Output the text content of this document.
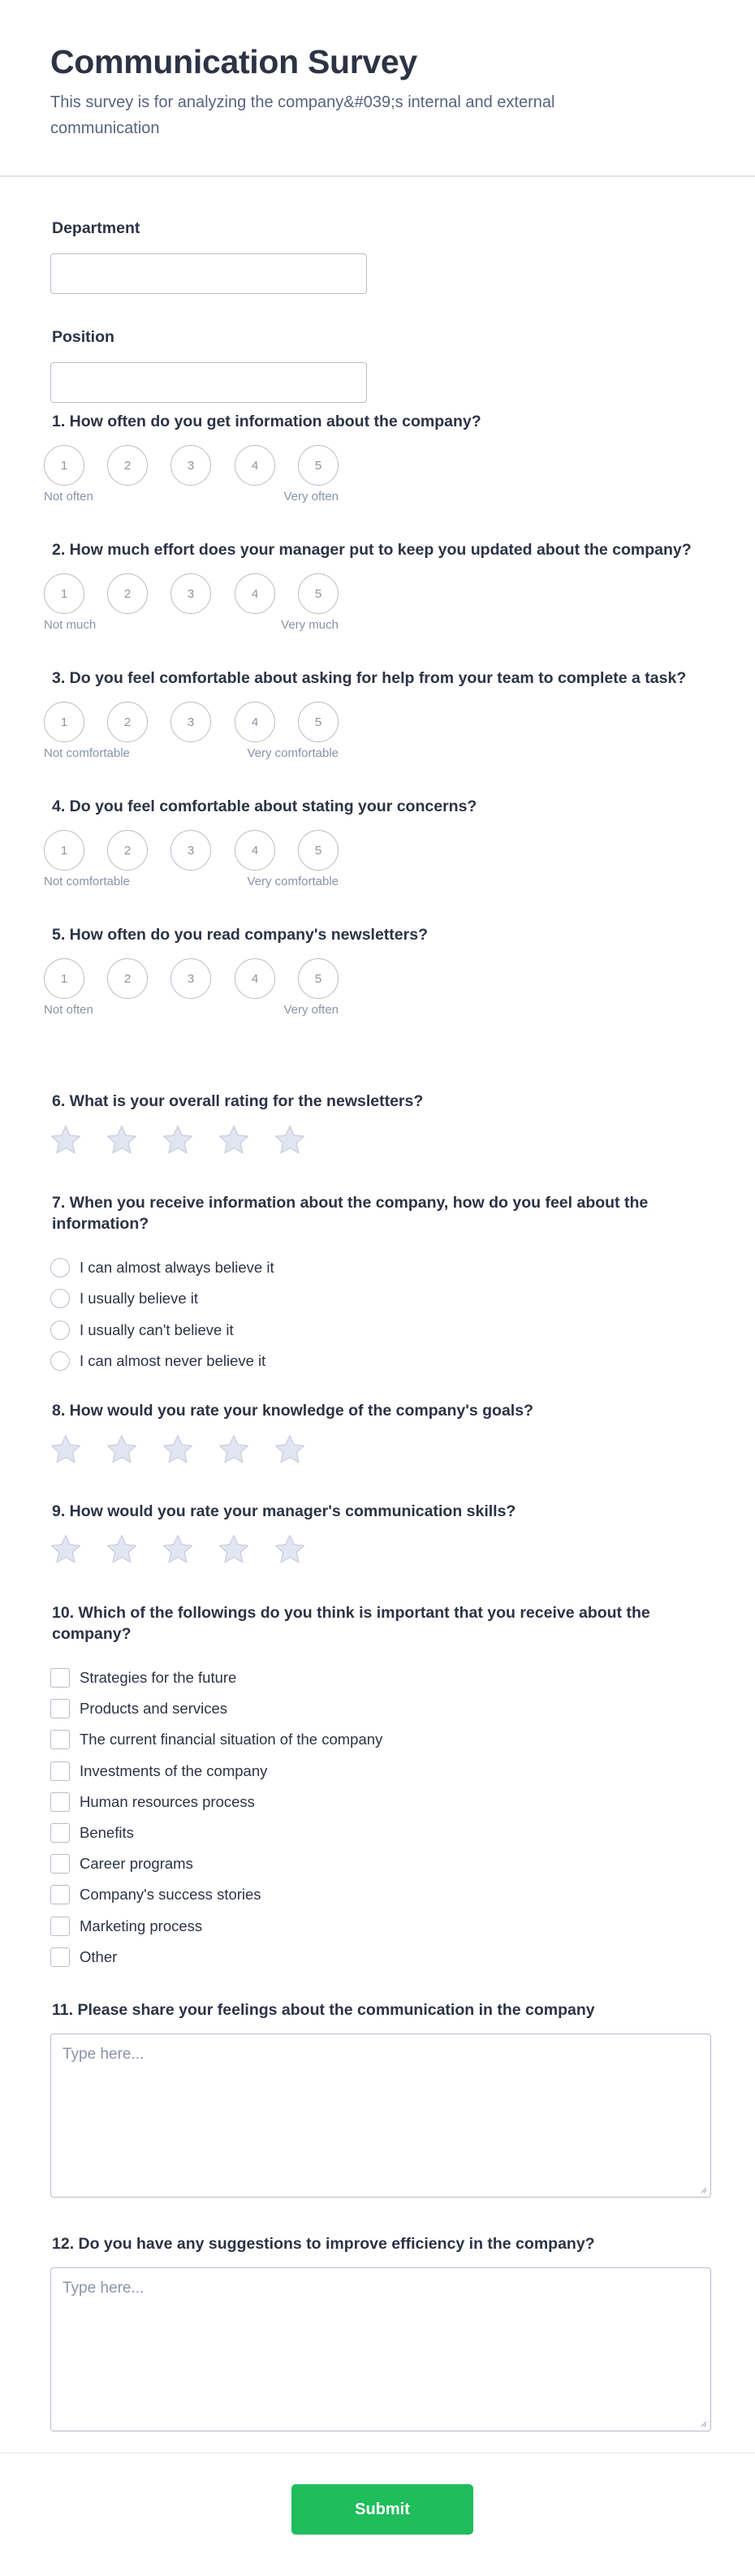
Communication Survey

This survey is for analyzing the company&#039;s internal and external communication

Department
Position
1. How often do you get information about the company?
1	2	3	4	5
Not often	Very often
2. How much effort does your manager put to keep you updated about the company?
1	2	3	4	5
Not much	Very much
3. Do you feel comfortable about asking for help from your team to complete a task?
1	2	3	4	5
Not comfortable	Very comfortable
4. Do you feel comfortable about stating your concerns?
1	2	3	4	5
Not comfortable	Very comfortable
5. How often do you read company's newsletters?
1	2	3	4	5
Not often	Very often
6. What is your overall rating for the newsletters?
7. When you receive information about the company, how do you feel about the information?
I can almost always believe it
I usually believe it
I usually can't believe it
I can almost never believe it
8. How would you rate your knowledge of the company's goals?
9. How would you rate your manager's communication skills?
10. Which of the followings do you think is important that you receive about the company?
Strategies for the future
Products and services
The current financial situation of the company
Investments of the company
Human resources process
Benefits
Career programs
Company's success stories
Marketing process
Other
11. Please share your feelings about the communication in the company
Type here...
12. Do you have any suggestions to improve efficiency in the company?
Type here...
Submit
